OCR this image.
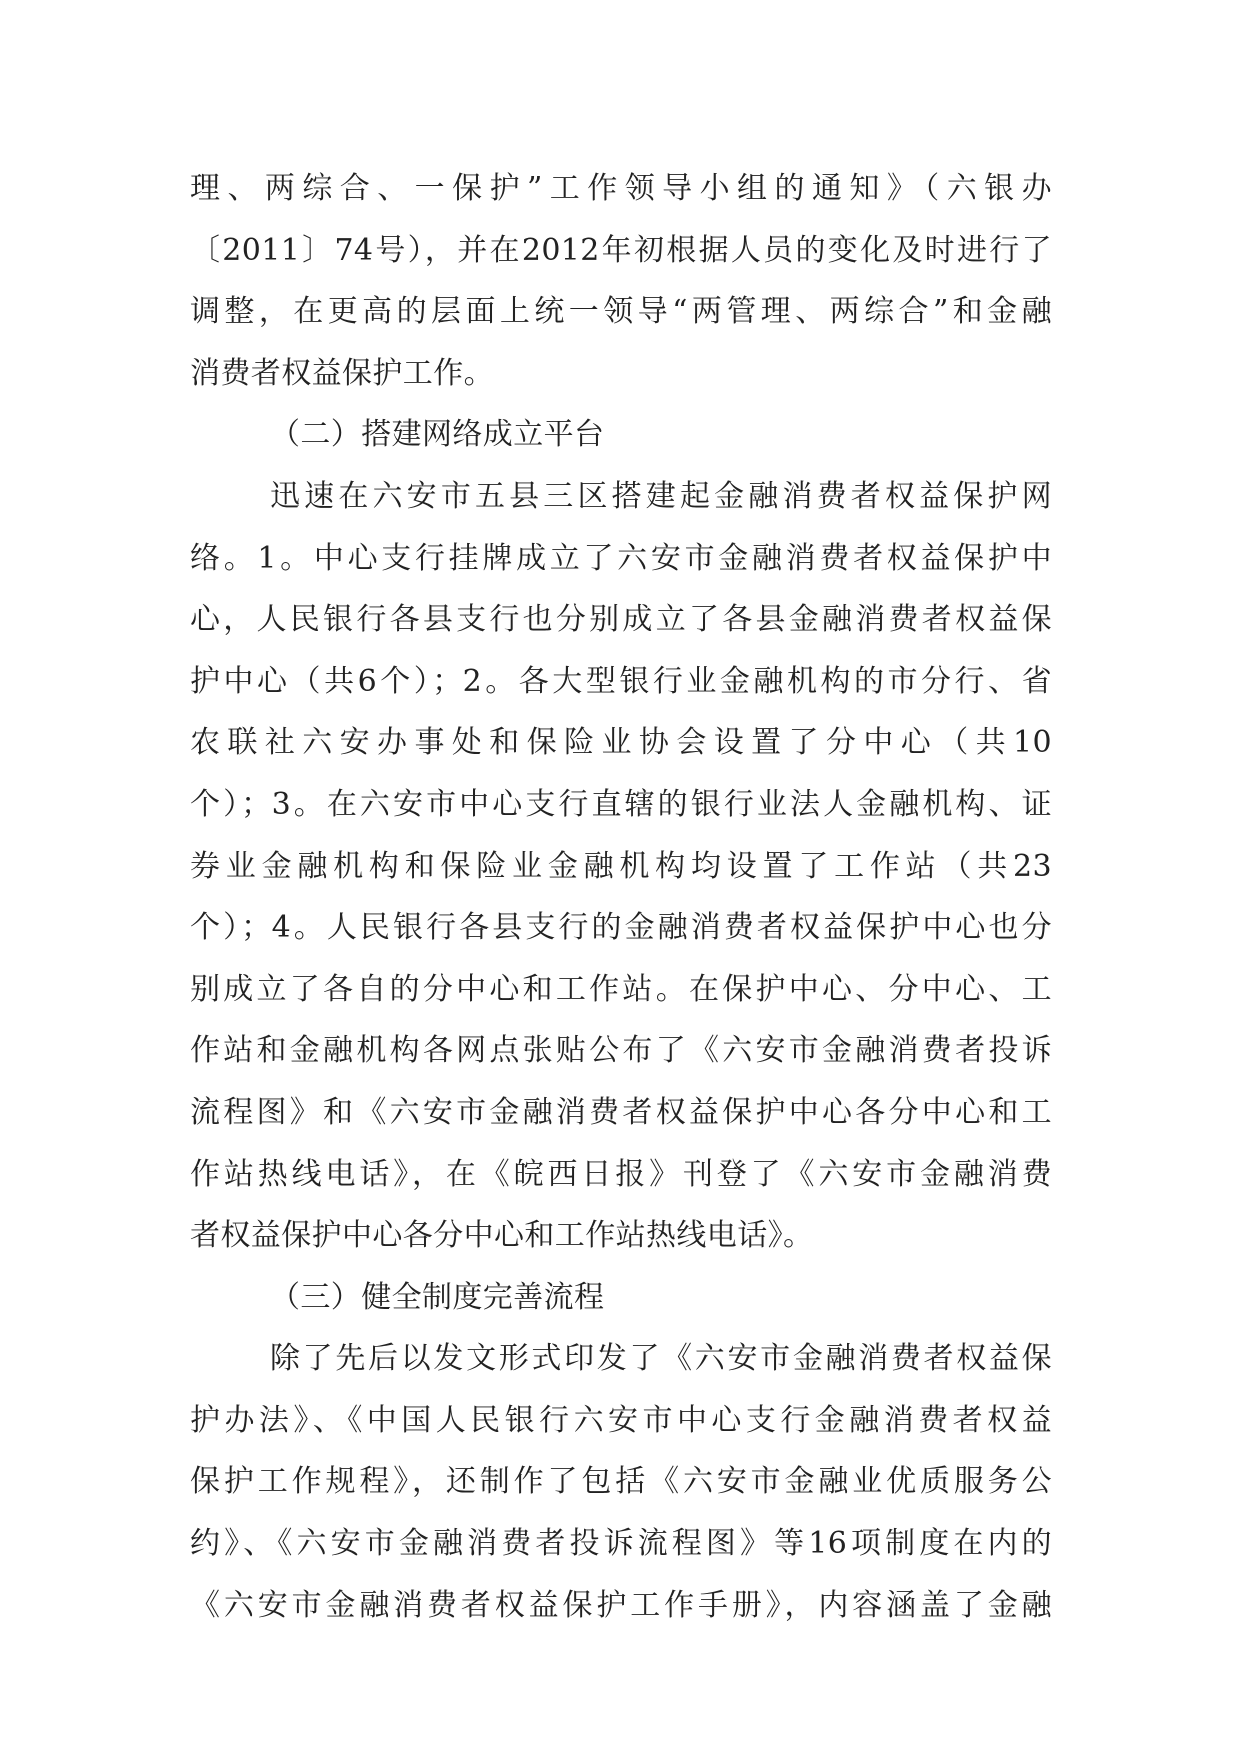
理、两综合、一保护”工作领导小组的通知》（六银办
〔2011〕74号），并在2012年初根据人员的变化及时进行了
调整，在更高的层面上统一领导“两管理、两综合”和金融
消费者权益保护工作。
（二）搭建网络成立平台
迅速在六安市五县三区搭建起金融消费者权益保护网
络。1。中心支行挂牌成立了六安市金融消费者权益保护中
心，人民银行各县支行也分别成立了各县金融消费者权益保
护中心（共6个）；2。各大型银行业金融机构的市分行、省
农联社六安办事处和保险业协会设置了分中心（共10
个）；3。在六安市中心支行直辖的银行业法人金融机构、证
券业金融机构和保险业金融机构均设置了工作站（共23
个）；4。人民银行各县支行的金融消费者权益保护中心也分
别成立了各自的分中心和工作站。在保护中心、分中心、工
作站和金融机构各网点张贴公布了《六安市金融消费者投诉
流程图》和《六安市金融消费者权益保护中心各分中心和工
作站热线电话》，在《皖西日报》刊登了《六安市金融消费
者权益保护中心各分中心和工作站热线电话》。
（三）健全制度完善流程
除了先后以发文形式印发了《六安市金融消费者权益保
护办法》、《中国人民银行六安市中心支行金融消费者权益
保护工作规程》，还制作了包括《六安市金融业优质服务公
约》、《六安市金融消费者投诉流程图》等16项制度在内的
《六安市金融消费者权益保护工作手册》，内容涵盖了金融
